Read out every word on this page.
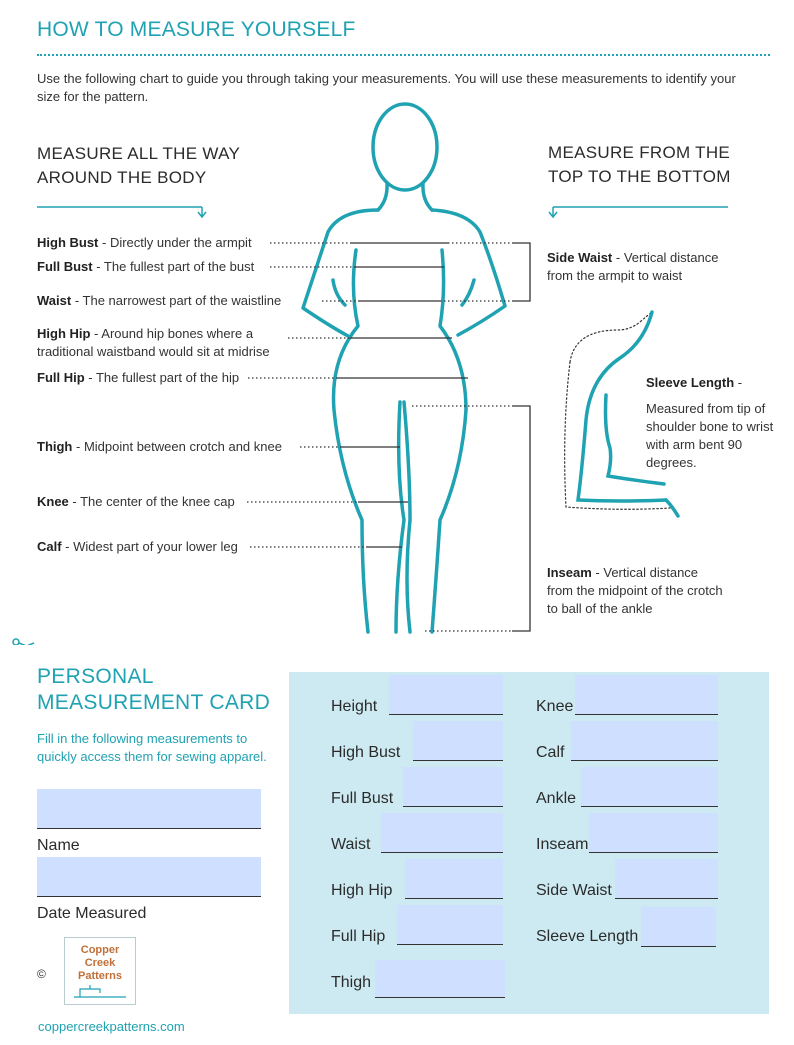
HOW TO MEASURE YOURSELF
Use the following chart to guide you through taking your measurements. You will use these measurements to identify your size for the pattern.
MEASURE ALL THE WAY
AROUND THE BODY
MEASURE FROM THE
TOP TO THE BOTTOM
High Bust - Directly under the armpit
Full Bust - The fullest part of the bust
Waist - The narrowest part of the waistline
High Hip - Around hip bones where a traditional waistband would sit at midrise
Full Hip - The fullest part of the hip
Thigh - Midpoint between crotch and knee
Knee - The center of the knee cap
Calf - Widest part of your lower leg
Side Waist - Vertical distance from the armpit to waist
Sleeve Length -
Measured from tip of shoulder bone to wrist with arm bent 90 degrees.
Inseam - Vertical distance from the midpoint of the crotch to ball of the ankle
PERSONAL
MEASUREMENT CARD
Fill in the following measurements to quickly access them for sewing apparel.
Name
Date Measured
©
Copper
Creek
Patterns
coppercreekpatterns.com
Height
High Bust
Full Bust
Waist
High Hip
Full Hip
Thigh
Knee
Calf
Ankle
Inseam
Side Waist
Sleeve Length
